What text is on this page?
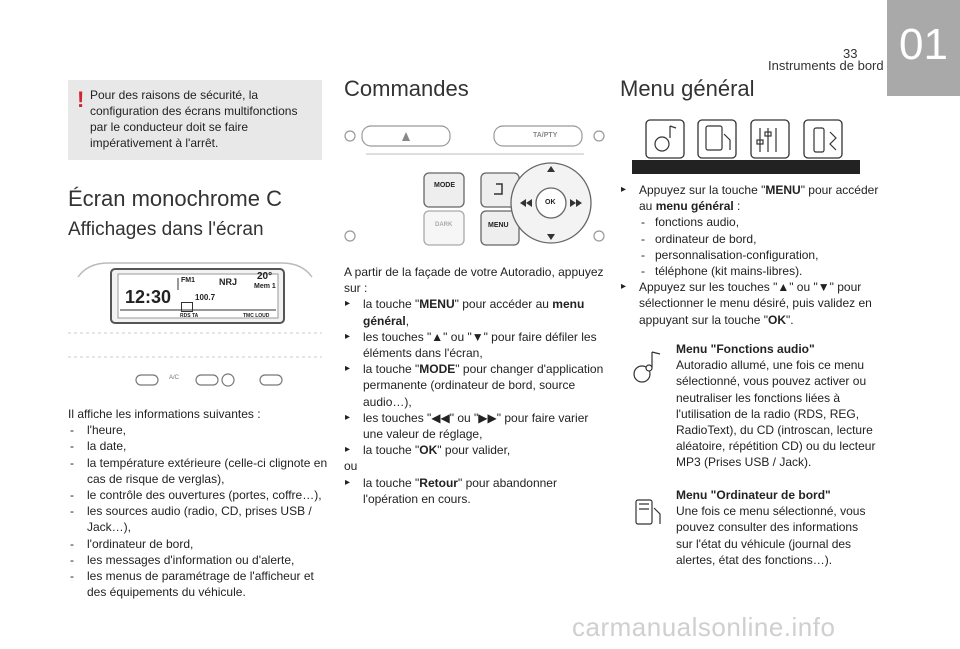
33
Instruments de bord 01
! Pour des raisons de sécurité, la configuration des écrans multifonctions par le conducteur doit se faire impérativement à l'arrêt.
Écran monochrome C
Affichages dans l'écran
12:30
FM1	NRJ 20°
Mem 1
100.7
RDS TA	TMC LOUD
A/C

Il affiche les informations suivantes :

- l'heure,
- la date,
- la température extérieure (celle-ci clignote en cas de risque de verglas),
- le contrôle des ouvertures (portes, coffre…),
- les sources audio (radio, CD, prises USB / Jack…),
- l'ordinateur de bord,
- les messages d'information ou d'alerte,
- les menus de paramétrage de l'afficheur et des équipements du véhicule.
Commandes
MODE
DARK	MENU
OK
TA/PTY

A partir de la façade de votre Autoradio, appuyez sur :

▸ la touche "MENU" pour accéder au menu général,
▸ les touches "▲" ou "▼" pour faire défiler les éléments dans l'écran,
▸ la touche "MODE" pour changer d'application permanente (ordinateur de bord, source audio…),
▸ les touches "◀◀" ou "▶▶" pour faire varier une valeur de réglage,
▸ la touche "OK" pour valider,

ou

▸ la touche "Retour" pour abandonner l'opération en cours.
Menu général
▸ Appuyez sur la touche "MENU" pour accéder au menu général :
- fonctions audio,
- ordinateur de bord,
- personnalisation-configuration,
- téléphone (kit mains-libres).
▸ Appuyez sur les touches "▲" ou "▼" pour sélectionner le menu désiré, puis validez en appuyant sur la touche "OK".

Menu "Fonctions audio"

Autoradio allumé, une fois ce menu sélectionné, vous pouvez activer ou neutraliser les fonctions liées à l'utilisation de la radio (RDS, REG, RadioText), du CD (introscan, lecture aléatoire, répétition CD) ou du lecteur MP3 (Prises USB / Jack).

Menu "Ordinateur de bord"

Une fois ce menu sélectionné, vous pouvez consulter des informations sur l'état du véhicule (journal des alertes, état des fonctions…).

carmanualsonline.info
